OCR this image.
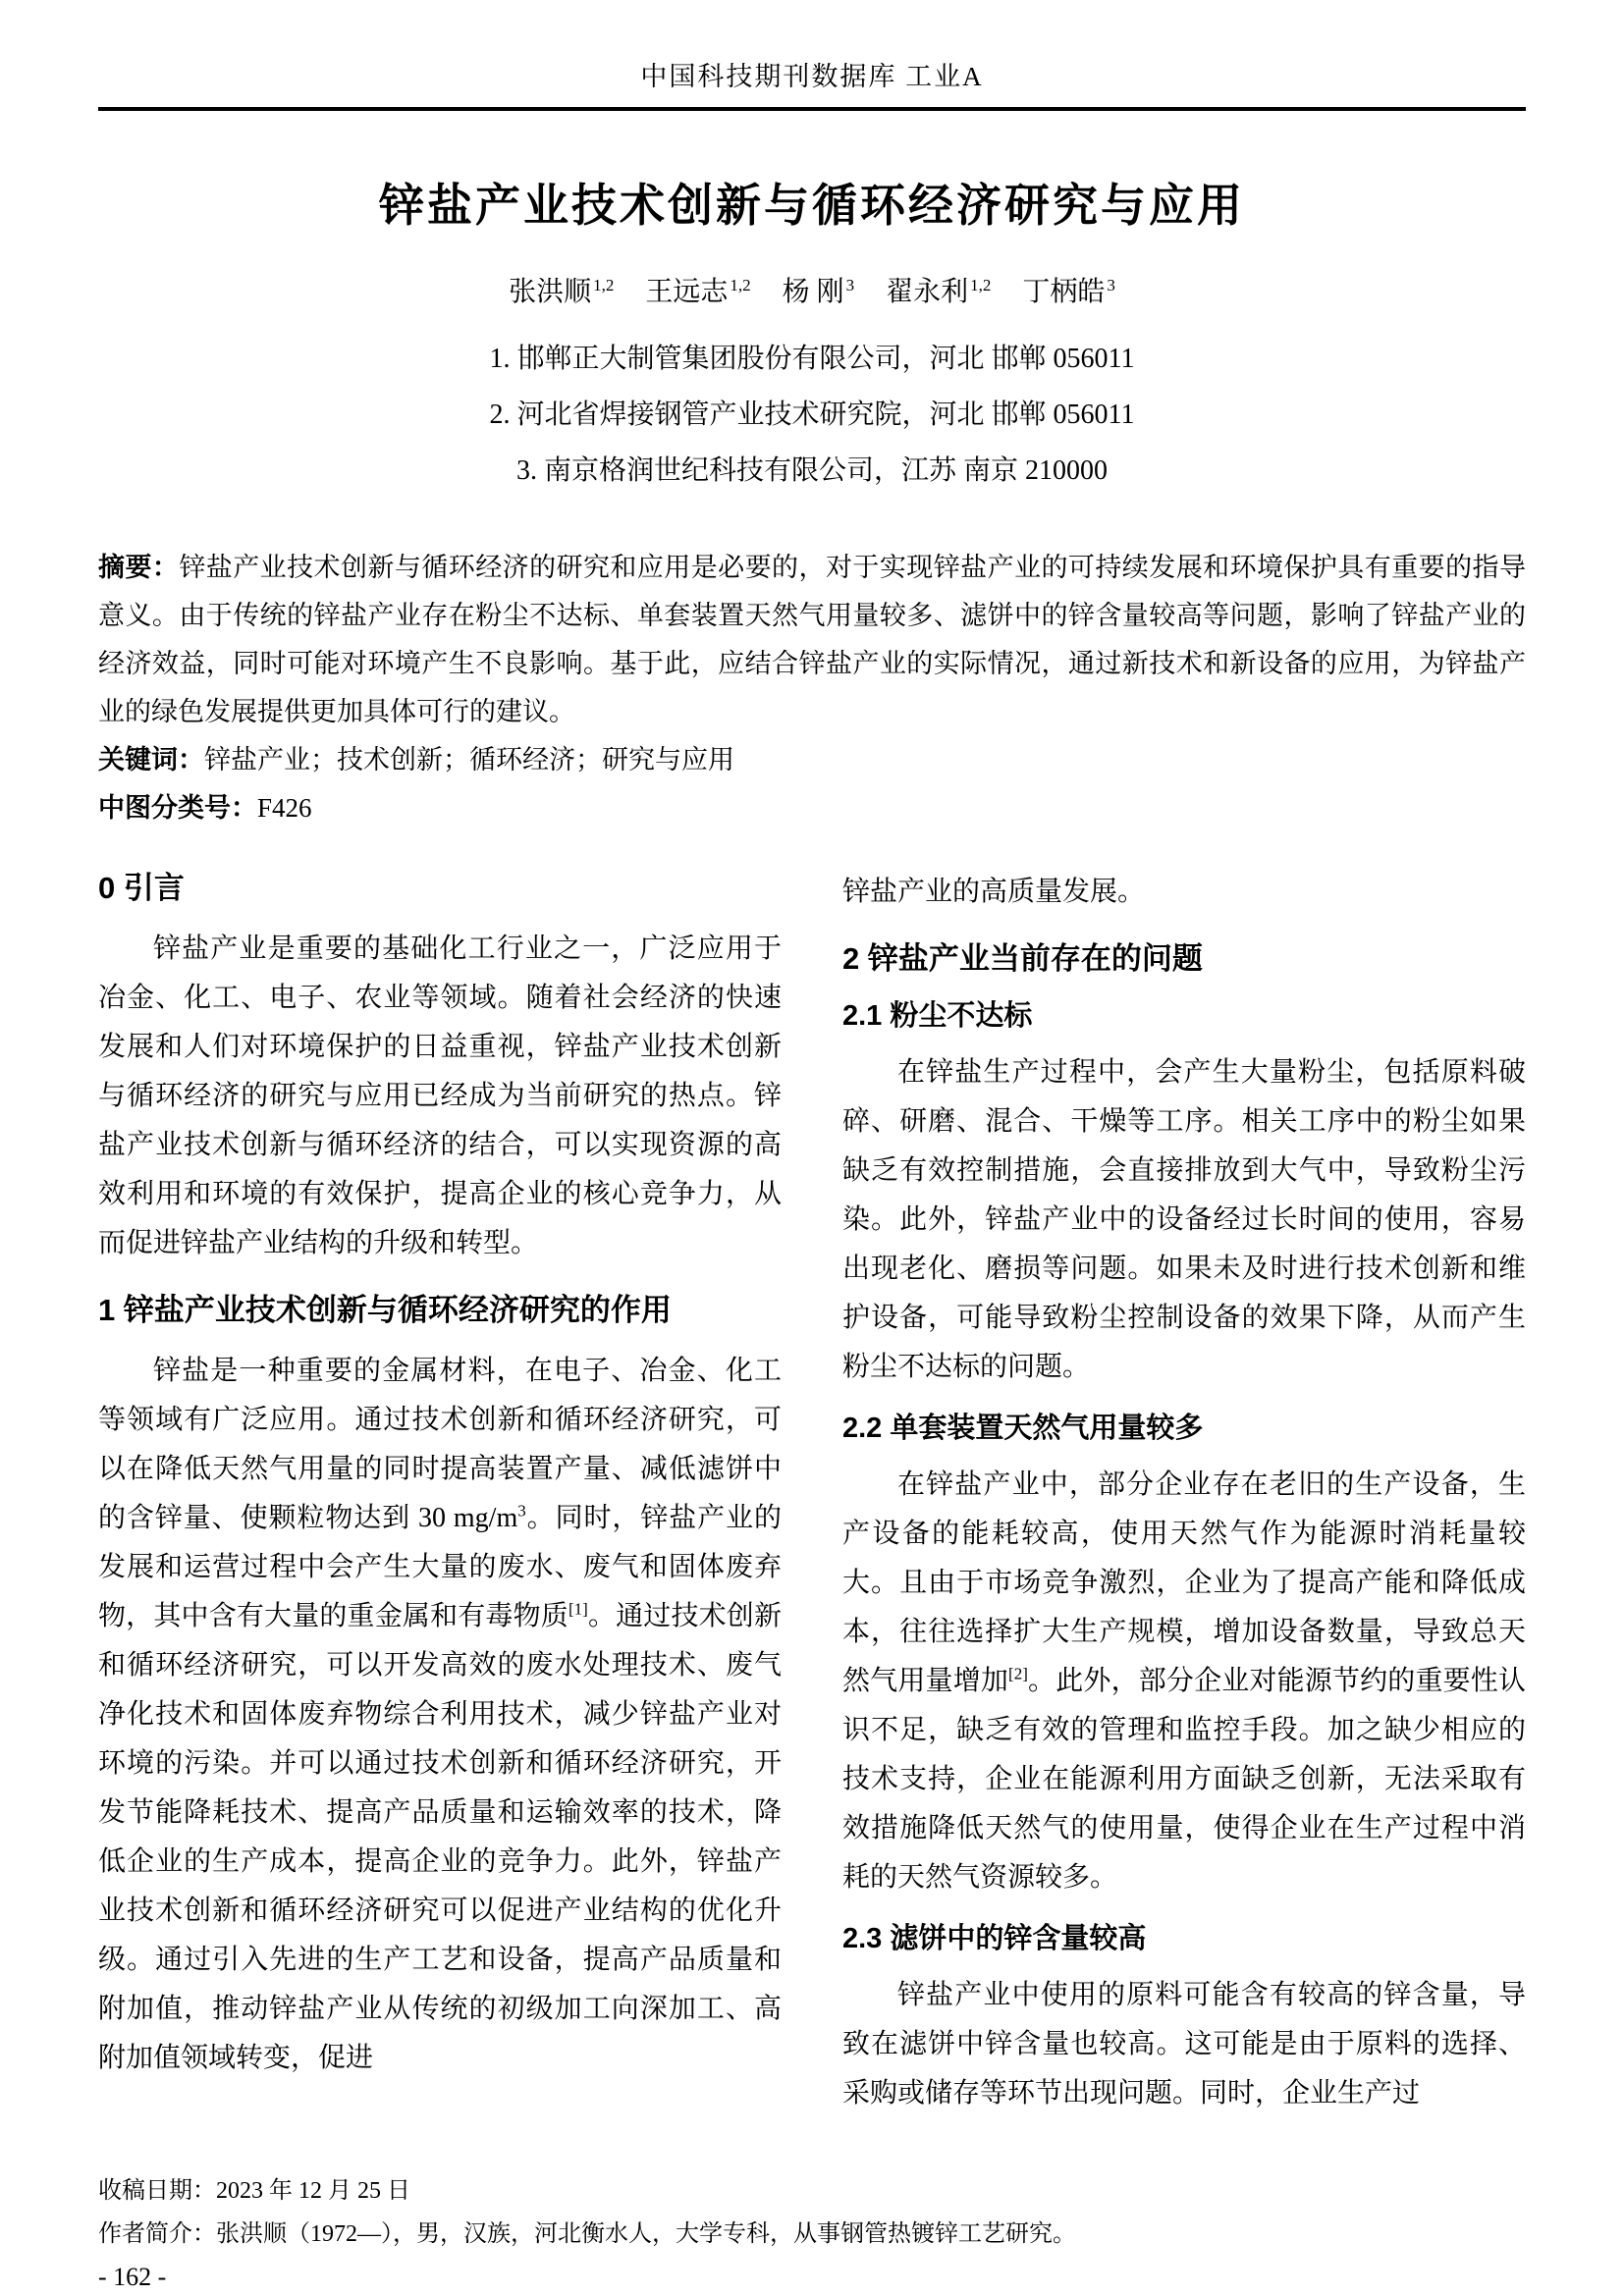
中国科技期刊数据库 工业A
锌盐产业技术创新与循环经济研究与应用
张洪顺 $^{1,2}$ 王远志 $^{1,2}$ 杨 刚 $^3$ 翟永利 $^{1,2}$ 丁柄皓 $^3$
1. 邯郸正大制管集团股份有限公司，河北 邯郸 056011
2. 河北省焊接钢管产业技术研究院，河北 邯郸 056011
3. 南京格润世纪科技有限公司，江苏 南京 210000

摘要：锌盐产业技术创新与循环经济的研究和应用是必要的，对于实现锌盐产业的可持续发展和环境保护具有重要的指导意义。由于传统的锌盐产业存在粉尘不达标、单套装置天然气用量较多、滤饼中的锌含量较高等问题，影响了锌盐产业的经济效益，同时可能对环境产生不良影响。基于此，应结合锌盐产业的实际情况，通过新技术和新设备的应用，为锌盐产业的绿色发展提供更加具体可行的建议。

关键词：锌盐产业；技术创新；循环经济；研究与应用

中图分类号：F426

0 引言

锌盐产业是重要的基础化工行业之一，广泛应用于冶金、化工、电子、农业等领域。随着社会经济的快速发展和人们对环境保护的日益重视，锌盐产业技术创新与循环经济的研究与应用已经成为当前研究的热点。锌盐产业技术创新与循环经济的结合，可以实现资源的高效利用和环境的有效保护，提高企业的核心竞争力，从而促进锌盐产业结构的升级和转型。

1 锌盐产业技术创新与循环经济研究的作用

锌盐是一种重要的金属材料，在电子、冶金、化工等领域有广泛应用。通过技术创新和循环经济研究，可以在降低天然气用量的同时提高装置产量、减低滤饼中的含锌量、使颗粒物达到 30 $mg/m^3$。同时，锌盐产业的发展和运营过程中会产生大量的废水、废气和固体废弃物，其中含有大量的重金属和有毒物质[1]。通过技术创新和循环经济研究，可以开发高效的废水处理技术、废气净化技术和固体废弃物综合利用技术，减少锌盐产业对环境的污染。并可以通过技术创新和循环经济研究，开发节能降耗技术、提高产品质量和运输效率的技术，降低企业的生产成本，提高企业的竞争力。此外，锌盐产业技术创新和循环经济研究可以促进产业结构的优化升级。通过引入先进的生产工艺和设备，提高产品质量和附加值，推动锌盐产业从传统的初级加工向深加工、高附加值领域转变，促进

锌盐产业的高质量发展。

2 锌盐产业当前存在的问题
2.1 粉尘不达标

在锌盐生产过程中，会产生大量粉尘，包括原料破碎、研磨、混合、干燥等工序。相关工序中的粉尘如果缺乏有效控制措施，会直接排放到大气中，导致粉尘污染。此外，锌盐产业中的设备经过长时间的使用，容易出现老化、磨损等问题。如果未及时进行技术创新和维护设备，可能导致粉尘控制设备的效果下降，从而产生粉尘不达标的问题。

2.2 单套装置天然气用量较多

在锌盐产业中，部分企业存在老旧的生产设备，生产设备的能耗较高，使用天然气作为能源时消耗量较大。且由于市场竞争激烈，企业为了提高产能和降低成本，往往选择扩大生产规模，增加设备数量，导致总天然气用量增加[2]。此外，部分企业对能源节约的重要性认识不足，缺乏有效的管理和监控手段。加之缺少相应的技术支持，企业在能源利用方面缺乏创新，无法采取有效措施降低天然气的使用量，使得企业在生产过程中消耗的天然气资源较多。

2.3 滤饼中的锌含量较高

锌盐产业中使用的原料可能含有较高的锌含量，导致在滤饼中锌含量也较高。这可能是由于原料的选择、采购或储存等环节出现问题。同时，企业生产过

收稿日期：2023 年 12 月 25 日
作者简介：张洪顺（1972—），男，汉族，河北衡水人，大学专科，从事钢管热镀锌工艺研究。
- 162 -
